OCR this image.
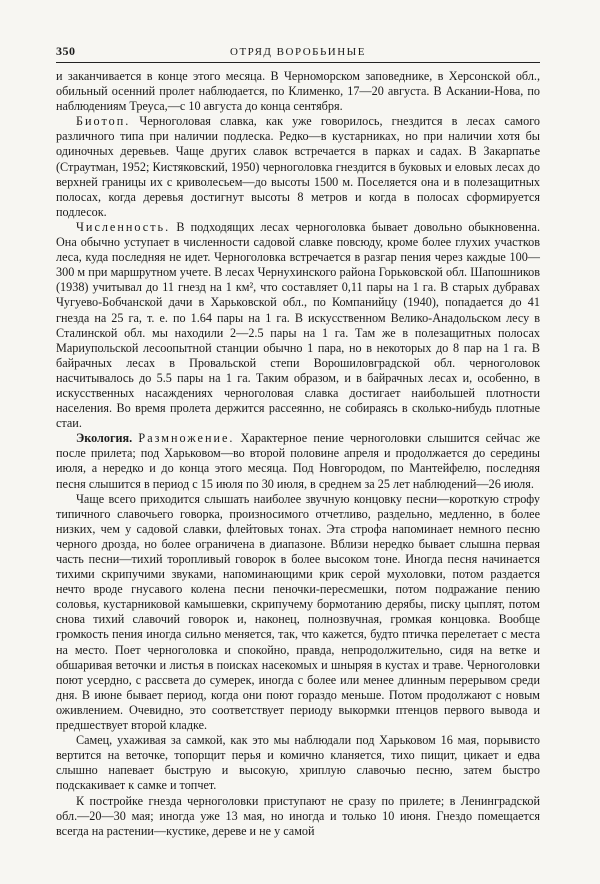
350	ОТРЯД ВОРОБЬИНЫЕ

и заканчивается в конце этого месяца. В Черноморском заповеднике, в Херсонской обл., обильный осенний пролет наблюдается, по Клименко, 17—20 августа. В Аскании-Нова, по наблюдениям Треуса,—с 10 августа до конца сентября.

Биотоп. Черноголовая славка, как уже говорилось, гнездится в лесах самого различного типа при наличии подлеска. Редко—в кустарниках, но при наличии хотя бы одиночных деревьев. Чаще других славок встречается в парках и садах. В Закарпатье (Страутман, 1952; Кистяковский, 1950) черноголовка гнездится в буковых и еловых лесах до верхней границы их с криволесьем—до высоты 1500 м. Поселяется она и в полезащитных полосах, когда деревья достигнут высоты 8 метров и когда в полосах сформируется подлесок.

Численность. В подходящих лесах черноголовка бывает довольно обыкновенна. Она обычно уступает в численности садовой славке повсюду, кроме более глухих участков леса, куда последняя не идет. Черноголовка встречается в разгар пения через каждые 100—300 м при маршрутном учете. В лесах Чернухинского района Горьковской обл. Шапошников (1938) учитывал до 11 гнезд на 1 км², что составляет 0,11 пары на 1 га. В старых дубравах Чугуево-Бобчанской дачи в Харьковской обл., по Компанийцу (1940), попадается до 41 гнезда на 25 га, т. е. по 1.64 пары на 1 га. В искусственном Велико-Анадольском лесу в Сталинской обл. мы находили 2—2.5 пары на 1 га. Там же в полезащитных полосах Мариупольской лесоопытной станции обычно 1 пара, но в некоторых до 8 пар на 1 га. В байрачных лесах в Провальской степи Ворошиловградской обл. черноголовок насчитывалось до 5.5 пары на 1 га. Таким образом, и в байрачных лесах и, особенно, в искусственных насаждениях черноголовая славка достигает наибольшей плотности населения. Во время пролета держится рассеянно, не собираясь в сколько-нибудь плотные стаи.

Экология. Размножение. Характерное пение черноголовки слышится сейчас же после прилета; под Харьковом—во второй половине апреля и продолжается до середины июля, а нередко и до конца этого месяца. Под Новгородом, по Мантейфелю, последняя песня слышится в период с 15 июля по 30 июля, в среднем за 25 лет наблюдений—26 июля.

Чаще всего приходится слышать наиболее звучную концовку песни—короткую строфу типичного славочьего говорка, произносимого отчетливо, раздельно, медленно, в более низких, чем у садовой славки, флейтовых тонах. Эта строфа напоминает немного песню черного дрозда, но более ограничена в диапазоне. Вблизи нередко бывает слышна первая часть песни—тихий торопливый говорок в более высоком тоне. Иногда песня начинается тихими скрипучими звуками, напоминающими крик серой мухоловки, потом раздается нечто вроде гнусавого колена песни пеночки-пересмешки, потом подражание пению соловья, кустарниковой камышевки, скрипучему бормотанию дерябы, писку цыплят, потом снова тихий славочий говорок и, наконец, полнозвучная, громкая концовка. Вообще громкость пения иногда сильно меняется, так, что кажется, будто птичка перелетает с места на место. Поет черноголовка и спокойно, правда, непродолжительно, сидя на ветке и обшаривая веточки и листья в поисках насекомых и шныряя в кустах и траве. Черноголовки поют усердно, с рассвета до сумерек, иногда с более или менее длинным перерывом среди дня. В июне бывает период, когда они поют гораздо меньше. Потом продолжают с новым оживлением. Очевидно, это соответствует периоду выкормки птенцов первого вывода и предшествует второй кладке.

Самец, ухаживая за самкой, как это мы наблюдали под Харьковом 16 мая, порывисто вертится на веточке, топорщит перья и комично кланяется, тихо пищит, цикает и едва слышно напевает быструю и высокую, хриплую славочью песню, затем быстро подскакивает к самке и топчет.

К постройке гнезда черноголовки приступают не сразу по прилете; в Ленинградской обл.—20—30 мая; иногда уже 13 мая, но иногда и только 10 июня. Гнездо помещается всегда на растении—кустике, дереве и не у самой
